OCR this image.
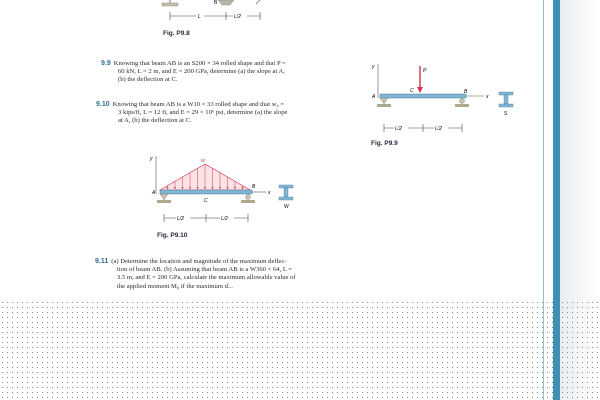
B
L	L/2
Fig. P9.8
9.9 Knowing that beam AB is an S200 × 34 rolled shape and that P =
60 kN, L = 2 m, and E = 200 GPa, determine (a) the slope at A,
(b) the deflection at C.
9.10 Knowing that beam AB is a W10 × 33 rolled shape and that w₀ =
3 kips/ft, L = 12 ft, and E = 29 × 10⁶ psi, determine (a) the slope
at A, (b) the deflection at C.
y
P
C
x
A
B
S
L/2	L/2
Fig. P9.9
y	w
x
A
B
C
W
L/2	L/2
Fig. P9.10
9.11 (a) Determine the location and magnitude of the maximum deflec-
tion of beam AB. (b) Assuming that beam AB is a W360 × 64, L =
3.5 m, and E = 200 GPa, calculate the maximum allowable value of
the applied moment M₀ if the maximum d...
